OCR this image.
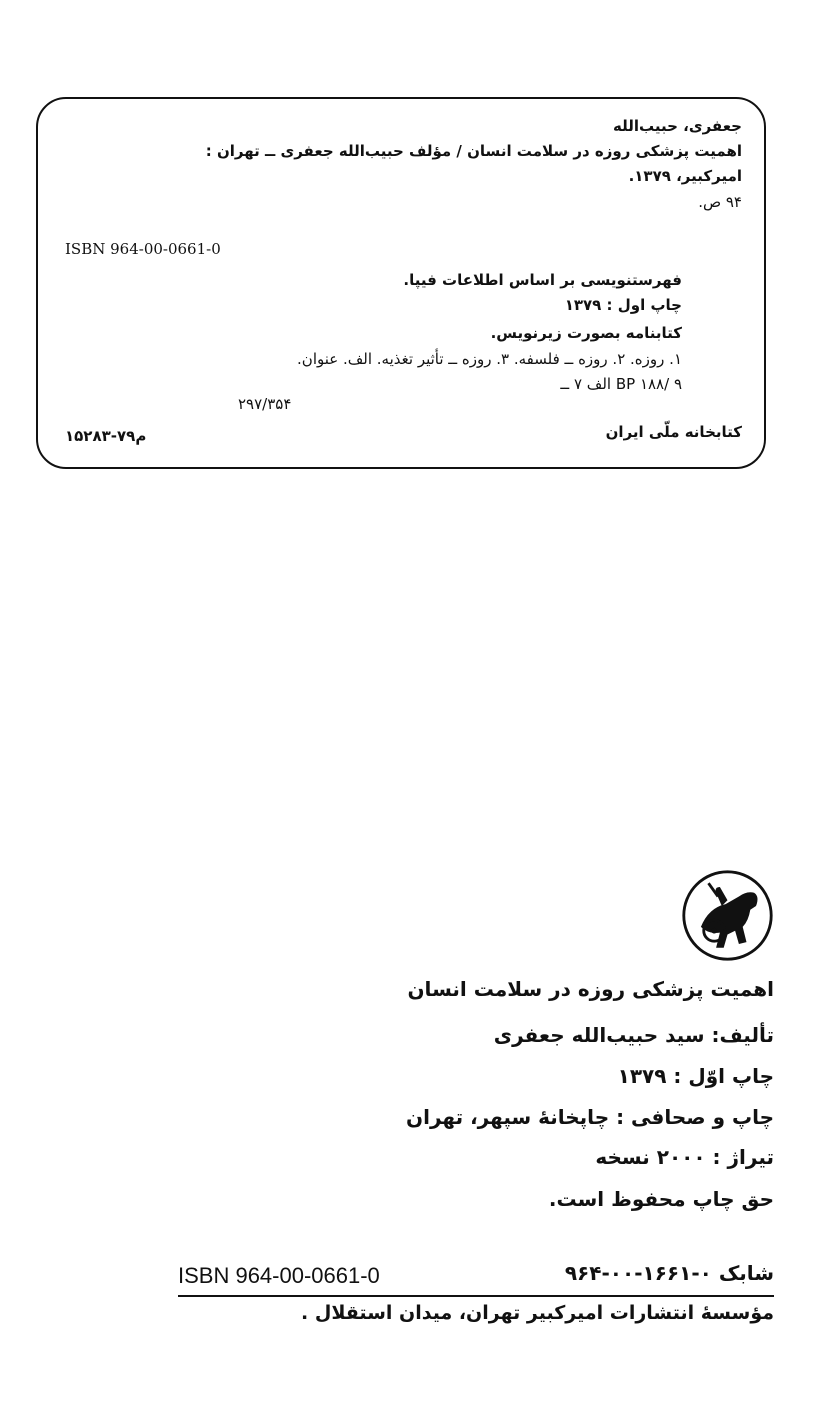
جعفری، حبیب‌الله
اهمیت پزشکی روزه در سلامت انسان / مؤلف حبیب‌الله جعفری ــ تهران :
امیرکبیر، ۱۳۷۹.
۹۴ ص.
ISBN 964-00-0661-0
فهرستنویسی بر اساس اطلاعات فیپا.
چاپ اول : ۱۳۷۹
کتابنامه بصورت زیرنویس.
۱. روزه. ۲. روزه ــ فلسفه. ۳. روزه ــ تأثیر تغذیه. الف. عنوان.
BP ۱۸۸/ ۹ الف ۷ ــ
۲۹۷/۳۵۴
کتابخانه ملّی ایران
م۷۹-۱۵۲۸۳
اهمیت پزشکی روزه در سلامت انسان
تألیف: سید حبیب‌الله جعفری
چاپ اوّل : ۱۳۷۹
چاپ و صحافی : چاپخانهٔ سپهر، تهران
تیراژ : ۲۰۰۰ نسخه
حق چاپ محفوظ است.
ISBN 964-00-0661-0	شابک ۰-۱۶۶۱-۰۰-۹۶۴
مؤسسهٔ انتشارات امیرکبیر تهران، میدان استقلال .
